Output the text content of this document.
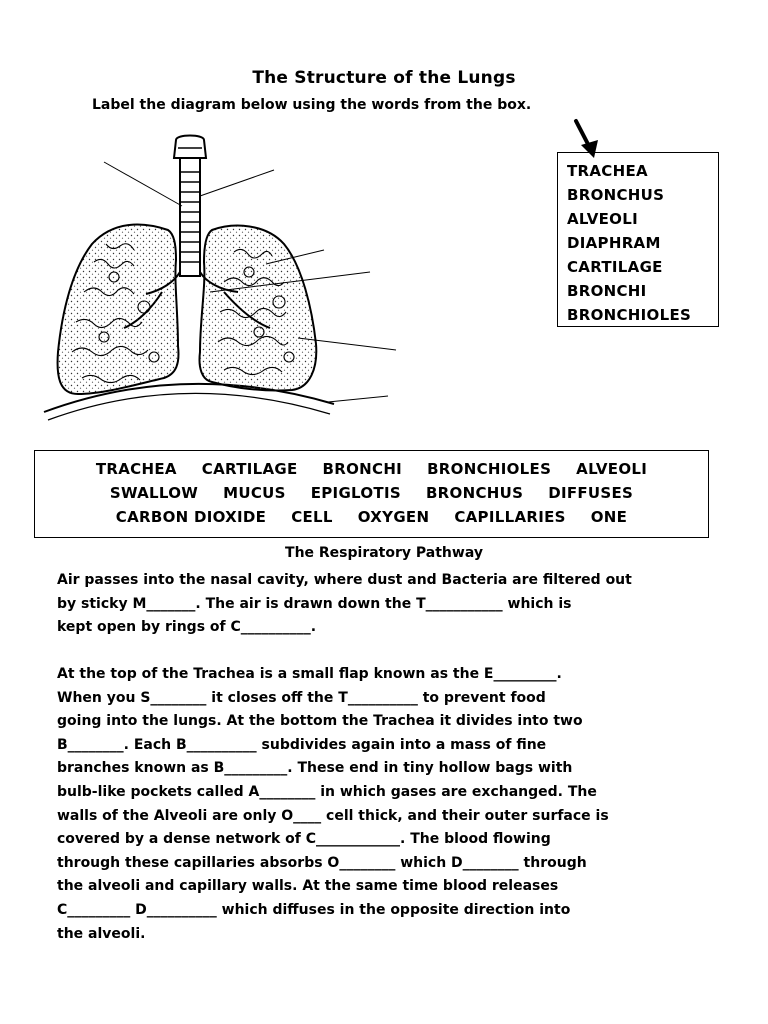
The Structure of the Lungs
Label the diagram below using the words from the box.
TRACHEA
BRONCHUS
ALVEOLI
DIAPHRAM
CARTILAGE
BRONCHI
BRONCHIOLES
TRACHEA CARTILAGE BRONCHI BRONCHIOLES ALVEOLI
SWALLOW MUCUS EPIGLOTIS BRONCHUS DIFFUSES
CARBON DIOXIDE CELL OXYGEN CAPILLARIES ONE
The Respiratory Pathway
Air passes into the nasal cavity, where dust and Bacteria are filtered out
by sticky M_______. The air is drawn down the T___________ which is
kept open by rings of C__________.
At the top of the Trachea is a small flap known as the E_________.
When you S________ it closes off the T__________ to prevent food
going into the lungs. At the bottom the Trachea it divides into two
B________. Each B__________ subdivides again into a mass of fine
branches known as B_________. These end in tiny hollow bags with
bulb-like pockets called A________ in which gases are exchanged. The
walls of the Alveoli are only O____ cell thick, and their outer surface is
covered by a dense network of C____________. The blood flowing
through these capillaries absorbs O________ which D________ through
the alveoli and capillary walls. At the same time blood releases
C_________ D__________ which diffuses in the opposite direction into
the alveoli.
